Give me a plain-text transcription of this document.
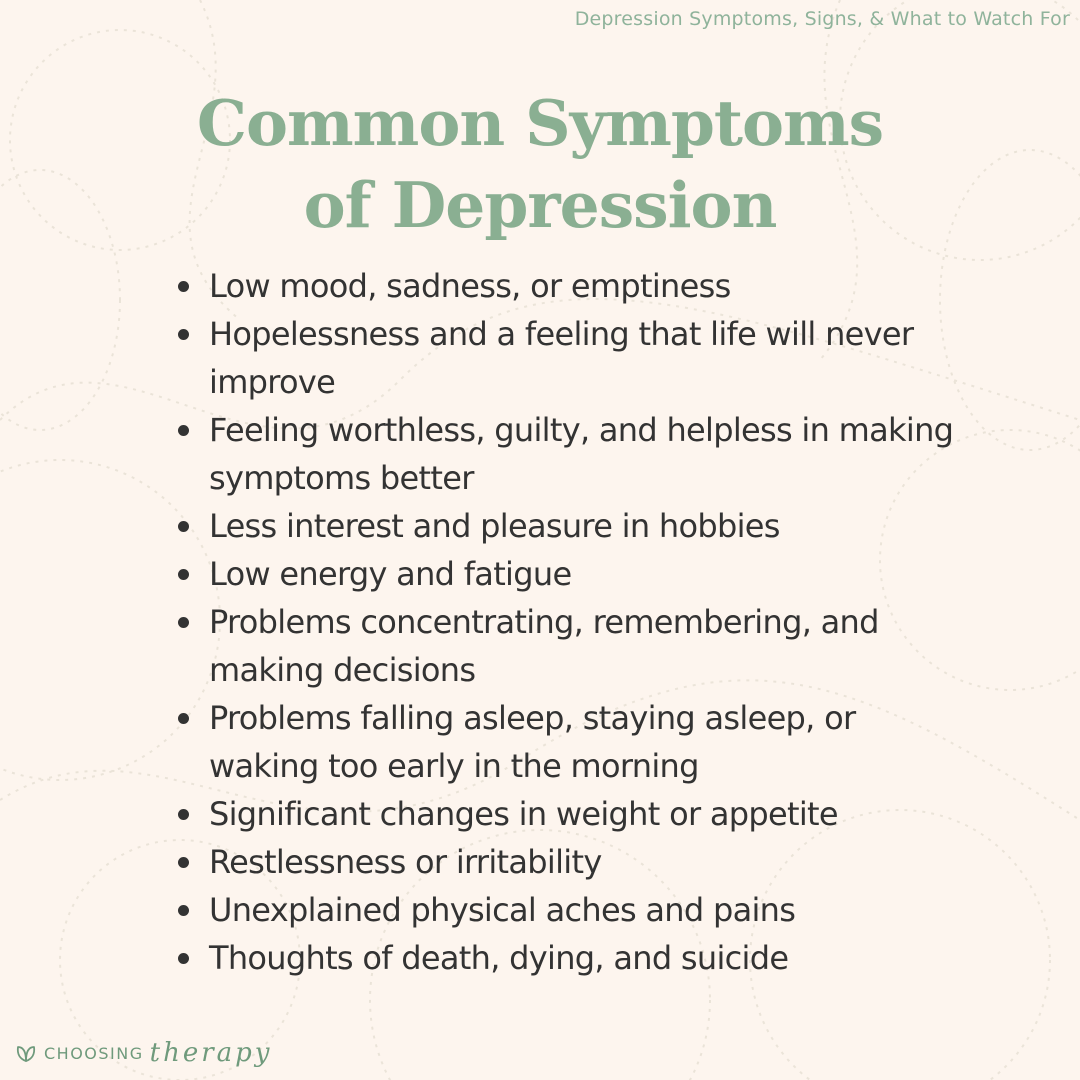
Depression Symptoms, Signs, & What to Watch For
Common Symptoms
of Depression
Low mood, sadness, or emptiness
Hopelessness and a feeling that life will never improve
Feeling worthless, guilty, and helpless in making symptoms better
Less interest and pleasure in hobbies
Low energy and fatigue
Problems concentrating, remembering, and making decisions
Problems falling asleep, staying asleep, or waking too early in the morning
Significant changes in weight or appetite
Restlessness or irritability
Unexplained physical aches and pains
Thoughts of death, dying, and suicide
CHOOSING therapy
